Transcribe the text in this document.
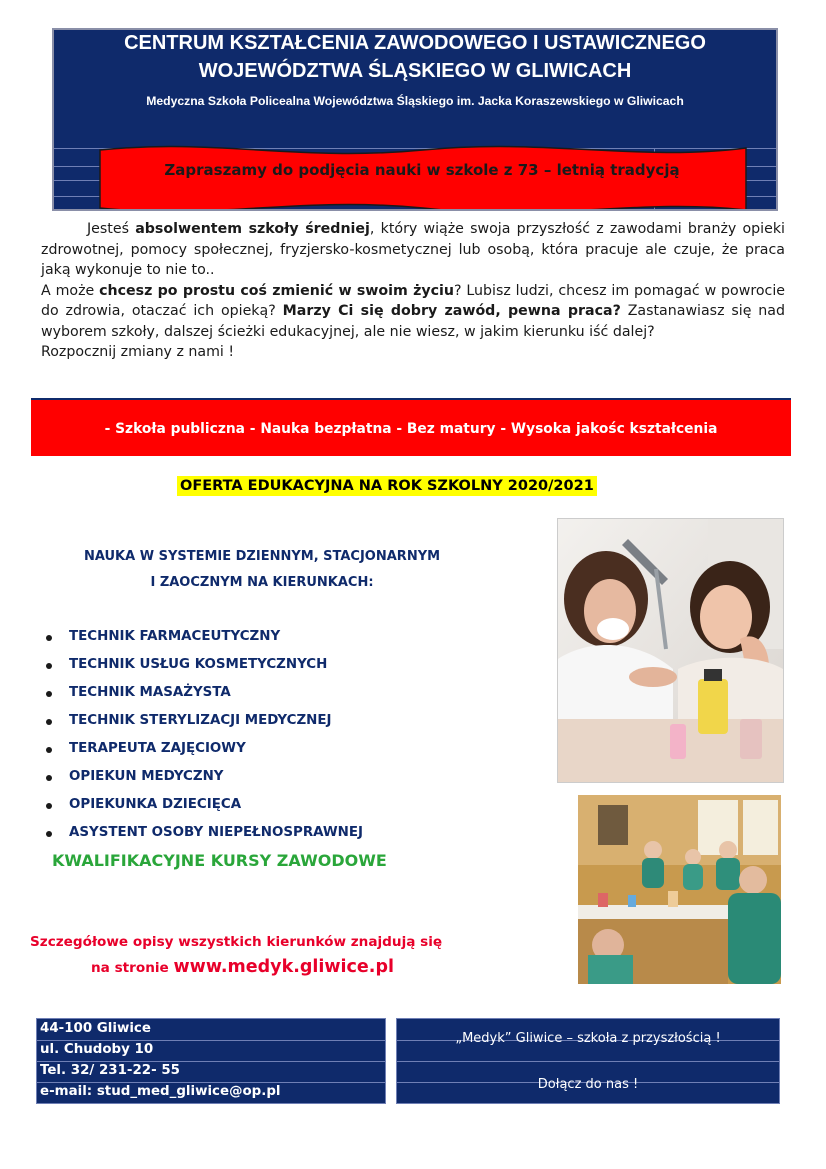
CENTRUM KSZTAŁCENIA ZAWODOWEGO I USTAWICZNEGO
WOJEWÓDZTWA ŚLĄSKIEGO W GLIWICACH
Medyczna Szkoła Policealna Województwa Śląskiego im. Jacka Koraszewskiego w Gliwicach
Zapraszamy do podjęcia nauki w szkole z 73 – letnią tradycją

Jesteś absolwentem szkoły średniej, który wiąże swoja przyszłość z zawodami branży opieki zdrowotnej, pomocy społecznej, fryzjersko-kosmetycznej lub osobą, która pracuje ale czuje, że praca jaką wykonuje to nie to..

A może chcesz po prostu coś zmienić w swoim życiu? Lubisz ludzi, chcesz im pomagać w powrocie do zdrowia, otaczać ich opieką? Marzy Ci się dobry zawód, pewna praca? Zastanawiasz się nad wyborem szkoły, dalszej ścieżki edukacyjnej, ale nie wiesz, w jakim kierunku iść dalej?

Rozpocznij zmiany z nami !

- Szkoła publiczna - Nauka bezpłatna - Bez matury - Wysoka jakośc kształcenia
OFERTA EDUKACYJNA NA ROK SZKOLNY 2020/2021
NAUKA W SYSTEMIE DZIENNYM, STACJONARNYM
I ZAOCZNYM NA KIERUNKACH:
TECHNIK FARMACEUTYCZNY
TECHNIK USŁUG KOSMETYCZNYCH
TECHNIK MASAŻYSTA
TECHNIK STERYLIZACJI MEDYCZNEJ
TERAPEUTA ZAJĘCIOWY
OPIEKUN MEDYCZNY
OPIEKUNKA DZIECIĘCA
ASYSTENT OSOBY NIEPEŁNOSPRAWNEJ
KWALIFIKACYJNE KURSY ZAWODOWE
Szczegółowe opisy wszystkich kierunków znajdują się
na stronie www.medyk.gliwice.pl
44-100 Gliwice
ul. Chudoby 10
Tel. 32/ 231-22- 55
e-mail: stud_med_gliwice@op.pl
„Medyk” Gliwice – szkoła z przyszłością !
Dołącz do nas !
